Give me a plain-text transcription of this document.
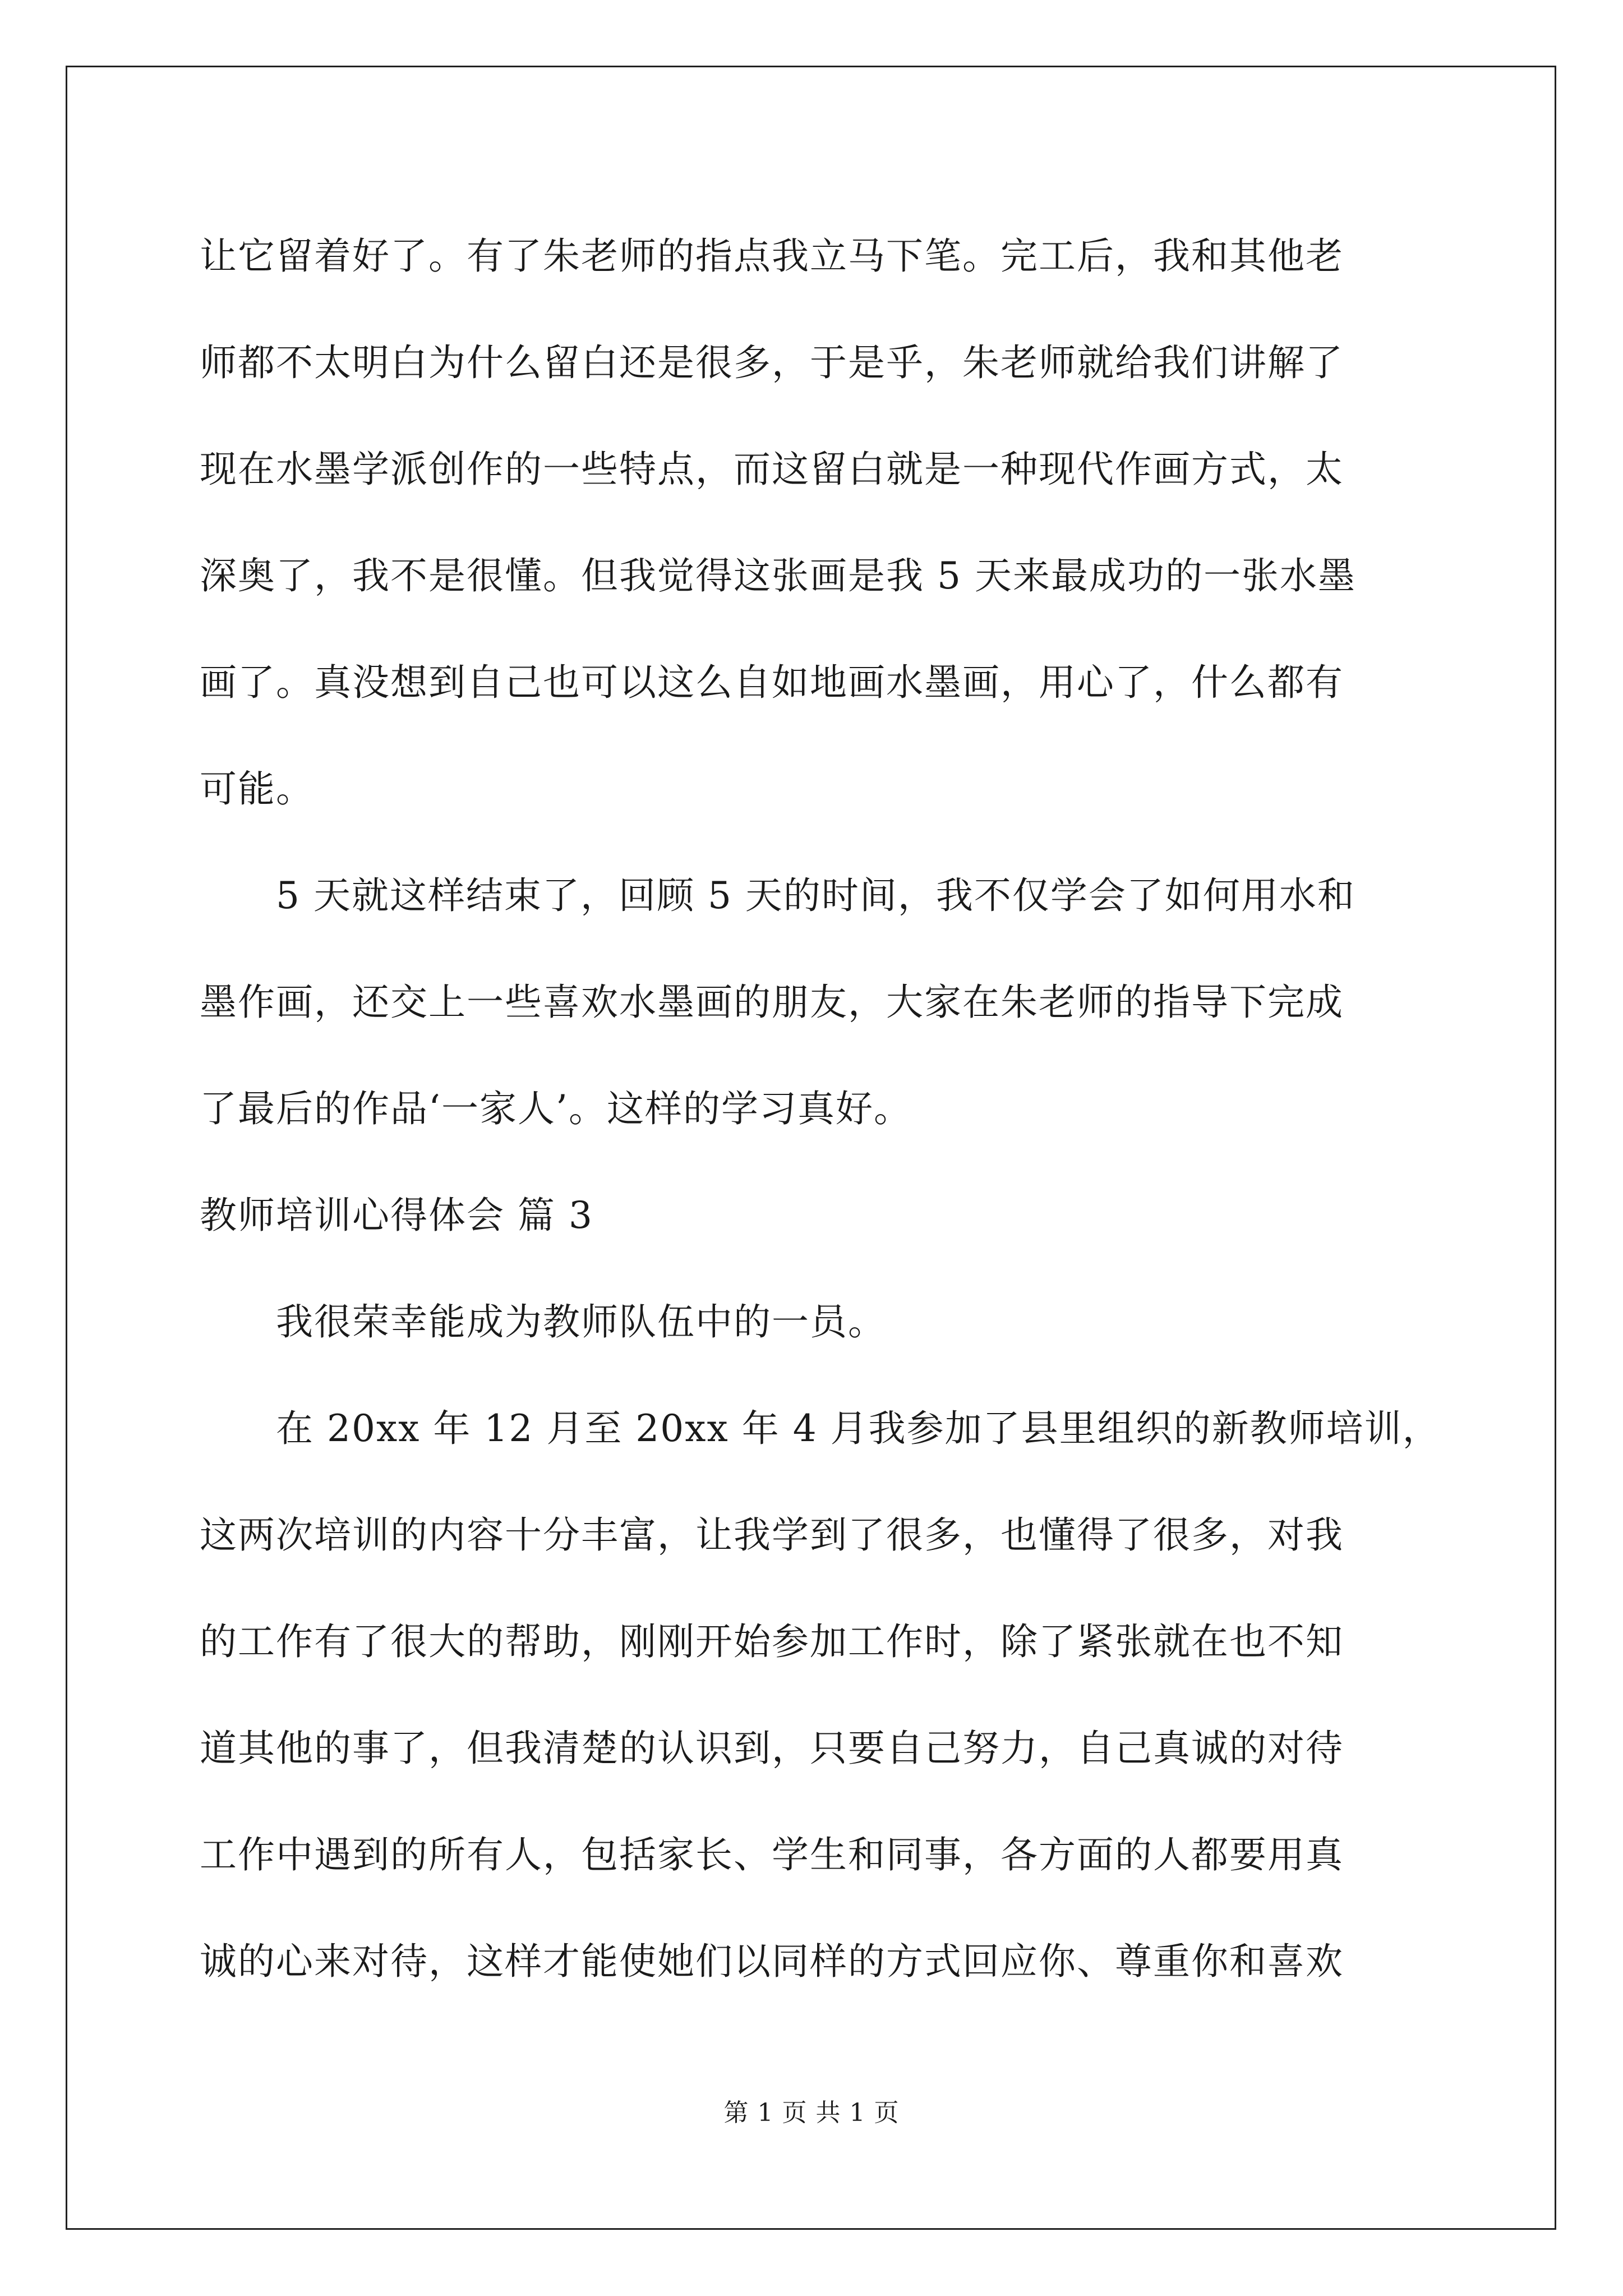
让它留着好了。有了朱老师的指点我立马下笔。完工后，我和其他老
师都不太明白为什么留白还是很多，于是乎，朱老师就给我们讲解了
现在水墨学派创作的一些特点，而这留白就是一种现代作画方式，太
深奥了，我不是很懂。但我觉得这张画是我 5 天来最成功的一张水墨
画了。真没想到自己也可以这么自如地画水墨画，用心了，什么都有
可能。
5 天就这样结束了，回顾 5 天的时间，我不仅学会了如何用水和
墨作画，还交上一些喜欢水墨画的朋友，大家在朱老师的指导下完成
了最后的作品‘一家人’。这样的学习真好。
教师培训心得体会 篇 3
我很荣幸能成为教师队伍中的一员。
在 20xx 年 12 月至 20xx 年 4 月我参加了县里组织的新教师培训，
这两次培训的内容十分丰富，让我学到了很多，也懂得了很多，对我
的工作有了很大的帮助，刚刚开始参加工作时，除了紧张就在也不知
道其他的事了，但我清楚的认识到，只要自己努力，自己真诚的对待
工作中遇到的所有人，包括家长、学生和同事，各方面的人都要用真
诚的心来对待，这样才能使她们以同样的方式回应你、尊重你和喜欢
第 1 页 共 1 页
